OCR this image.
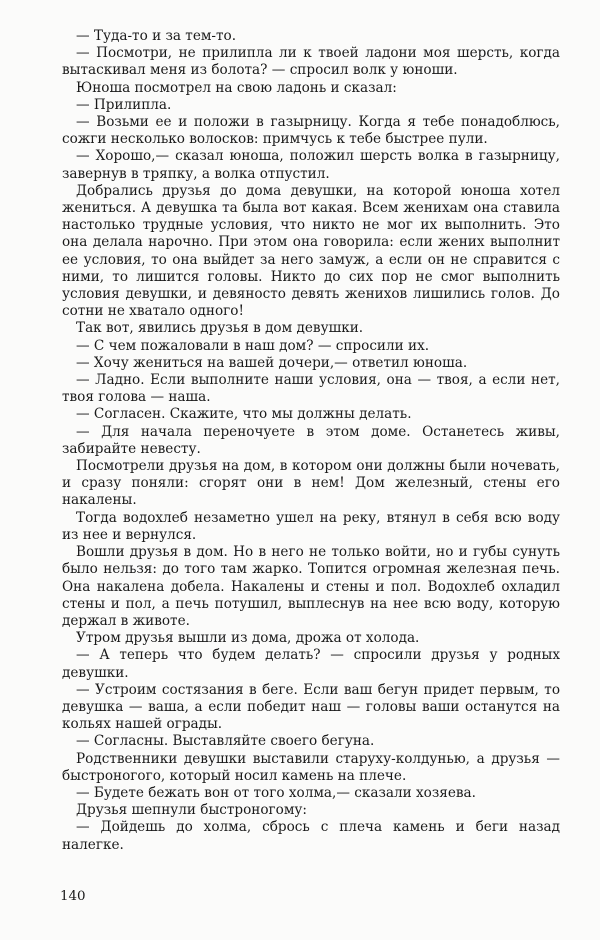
— Туда-то и за тем-то.

— Посмотри, не прилипла ли к твоей ладони моя шерсть, когда вытаскивал меня из болота? — спросил волк у юноши.

Юноша посмотрел на свою ладонь и сказал:

— Прилипла.

— Возьми ее и положи в газырницу. Когда я тебе понадоблюсь, сожги несколько волосков: примчусь к тебе быстрее пули.

— Хорошо,— сказал юноша, положил шерсть волка в газырницу, завернув в тряпку, а волка отпустил.

Добрались друзья до дома девушки, на которой юноша хотел жениться. А девушка та была вот какая. Всем женихам она ставила настолько трудные условия, что никто не мог их выполнить. Это она делала нарочно. При этом она говорила: если жених выполнит ее условия, то она выйдет за него замуж, а если он не справится с ними, то лишится головы. Никто до сих пор не смог выполнить условия девушки, и девяносто девять женихов лишились голов. До сотни не хватало одного!

Так вот, явились друзья в дом девушки.

— С чем пожаловали в наш дом? — спросили их.

— Хочу жениться на вашей дочери,— ответил юноша.

— Ладно. Если выполните наши условия, она — твоя, а если нет, твоя голова — наша.

— Согласен. Скажите, что мы должны делать.

— Для начала переночуете в этом доме. Останетесь живы, забирайте невесту.

Посмотрели друзья на дом, в котором они должны были ночевать, и сразу поняли: сгорят они в нем! Дом железный, стены его накалены.

Тогда водохлеб незаметно ушел на реку, втянул в себя всю воду из нее и вернулся.

Вошли друзья в дом. Но в него не только войти, но и губы сунуть было нельзя: до того там жарко. Топится огромная железная печь. Она накалена добела. Накалены и стены и пол. Водохлеб охладил стены и пол, а печь потушил, выплеснув на нее всю воду, которую держал в животе.

Утром друзья вышли из дома, дрожа от холода.

— А теперь что будем делать? — спросили друзья у родных девушки.

— Устроим состязания в беге. Если ваш бегун придет первым, то девушка — ваша, а если победит наш — головы ваши останутся на кольях нашей ограды.

— Согласны. Выставляйте своего бегуна.

Родственники девушки выставили старуху-колдунью, а друзья — быстроногого, который носил камень на плече.

— Будете бежать вон от того холма,— сказали хозяева.

Друзья шепнули быстроногому:

— Дойдешь до холма, сбрось с плеча камень и беги назад налегке.

140
